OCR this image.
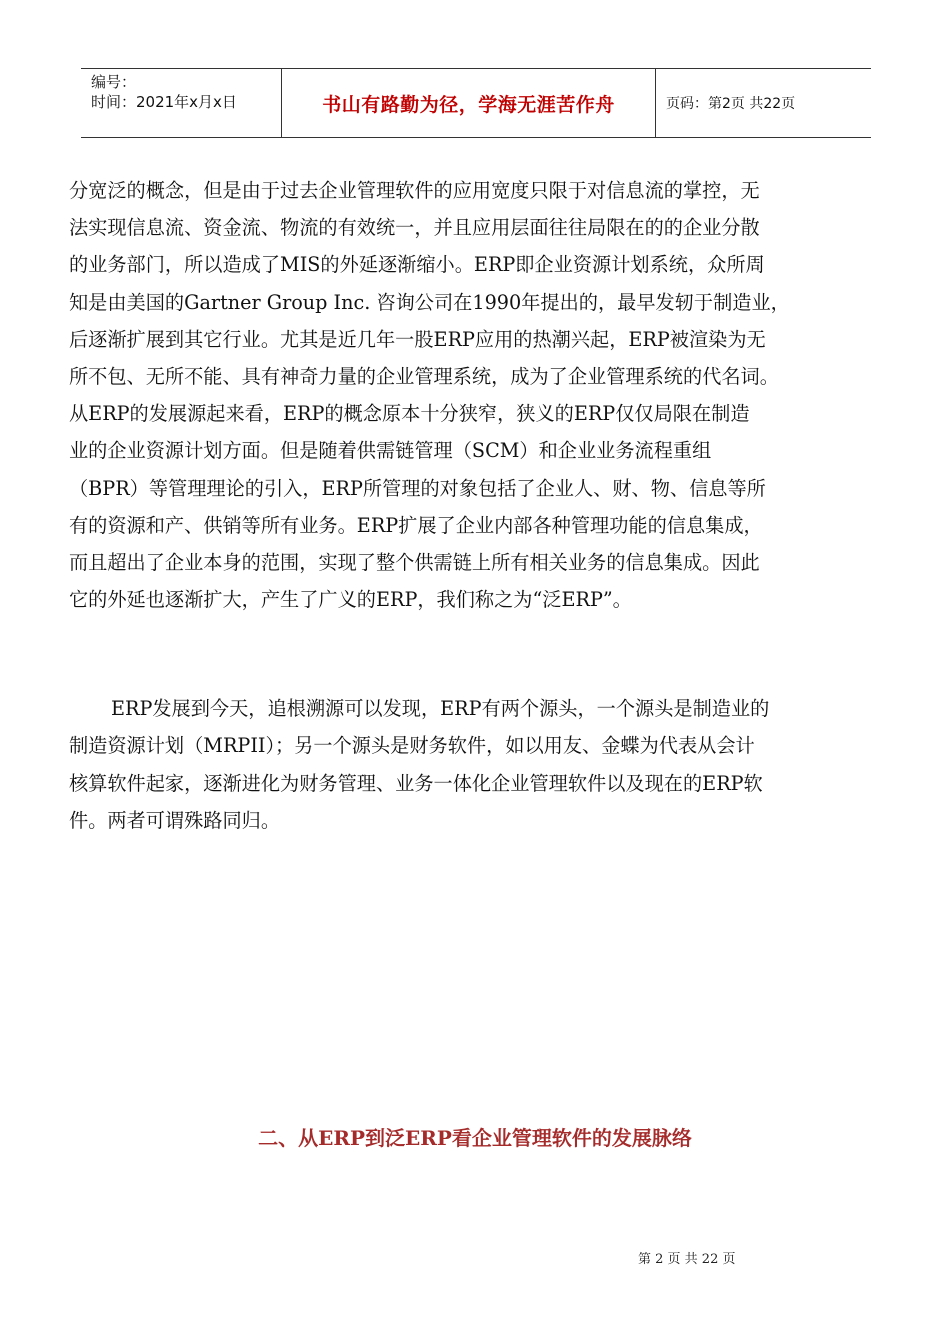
编号：
时间：2021年x月x日	书山有路勤为径，学海无涯苦作舟	页码：第2页 共22页
分宽泛的概念，但是由于过去企业管理软件的应用宽度只限于对信息流的掌控，无
法实现信息流、资金流、物流的有效统一，并且应用层面往往局限在的的企业分散
的业务部门，所以造成了MIS的外延逐渐缩小。ERP即企业资源计划系统，众所周
知是由美国的Gartner Group Inc. 咨询公司在1990年提出的，最早发轫于制造业，
后逐渐扩展到其它行业。尤其是近几年一股ERP应用的热潮兴起，ERP被渲染为无
所不包、无所不能、具有神奇力量的企业管理系统，成为了企业管理系统的代名词。
从ERP的发展源起来看，ERP的概念原本十分狭窄，狭义的ERP仅仅局限在制造
业的企业资源计划方面。但是随着供需链管理（SCM）和企业业务流程重组
（BPR）等管理理论的引入，ERP所管理的对象包括了企业人、财、物、信息等所
有的资源和产、供销等所有业务。ERP扩展了企业内部各种管理功能的信息集成，
而且超出了企业本身的范围，实现了整个供需链上所有相关业务的信息集成。因此
它的外延也逐渐扩大，产生了广义的ERP，我们称之为“泛ERP”。
ERP发展到今天，追根溯源可以发现，ERP有两个源头，一个源头是制造业的
制造资源计划（MRPII）；另一个源头是财务软件，如以用友、金蝶为代表从会计
核算软件起家，逐渐进化为财务管理、业务一体化企业管理软件以及现在的ERP软
件。两者可谓殊路同归。
二、从ERP到泛ERP看企业管理软件的发展脉络
第 2 页 共 22 页
